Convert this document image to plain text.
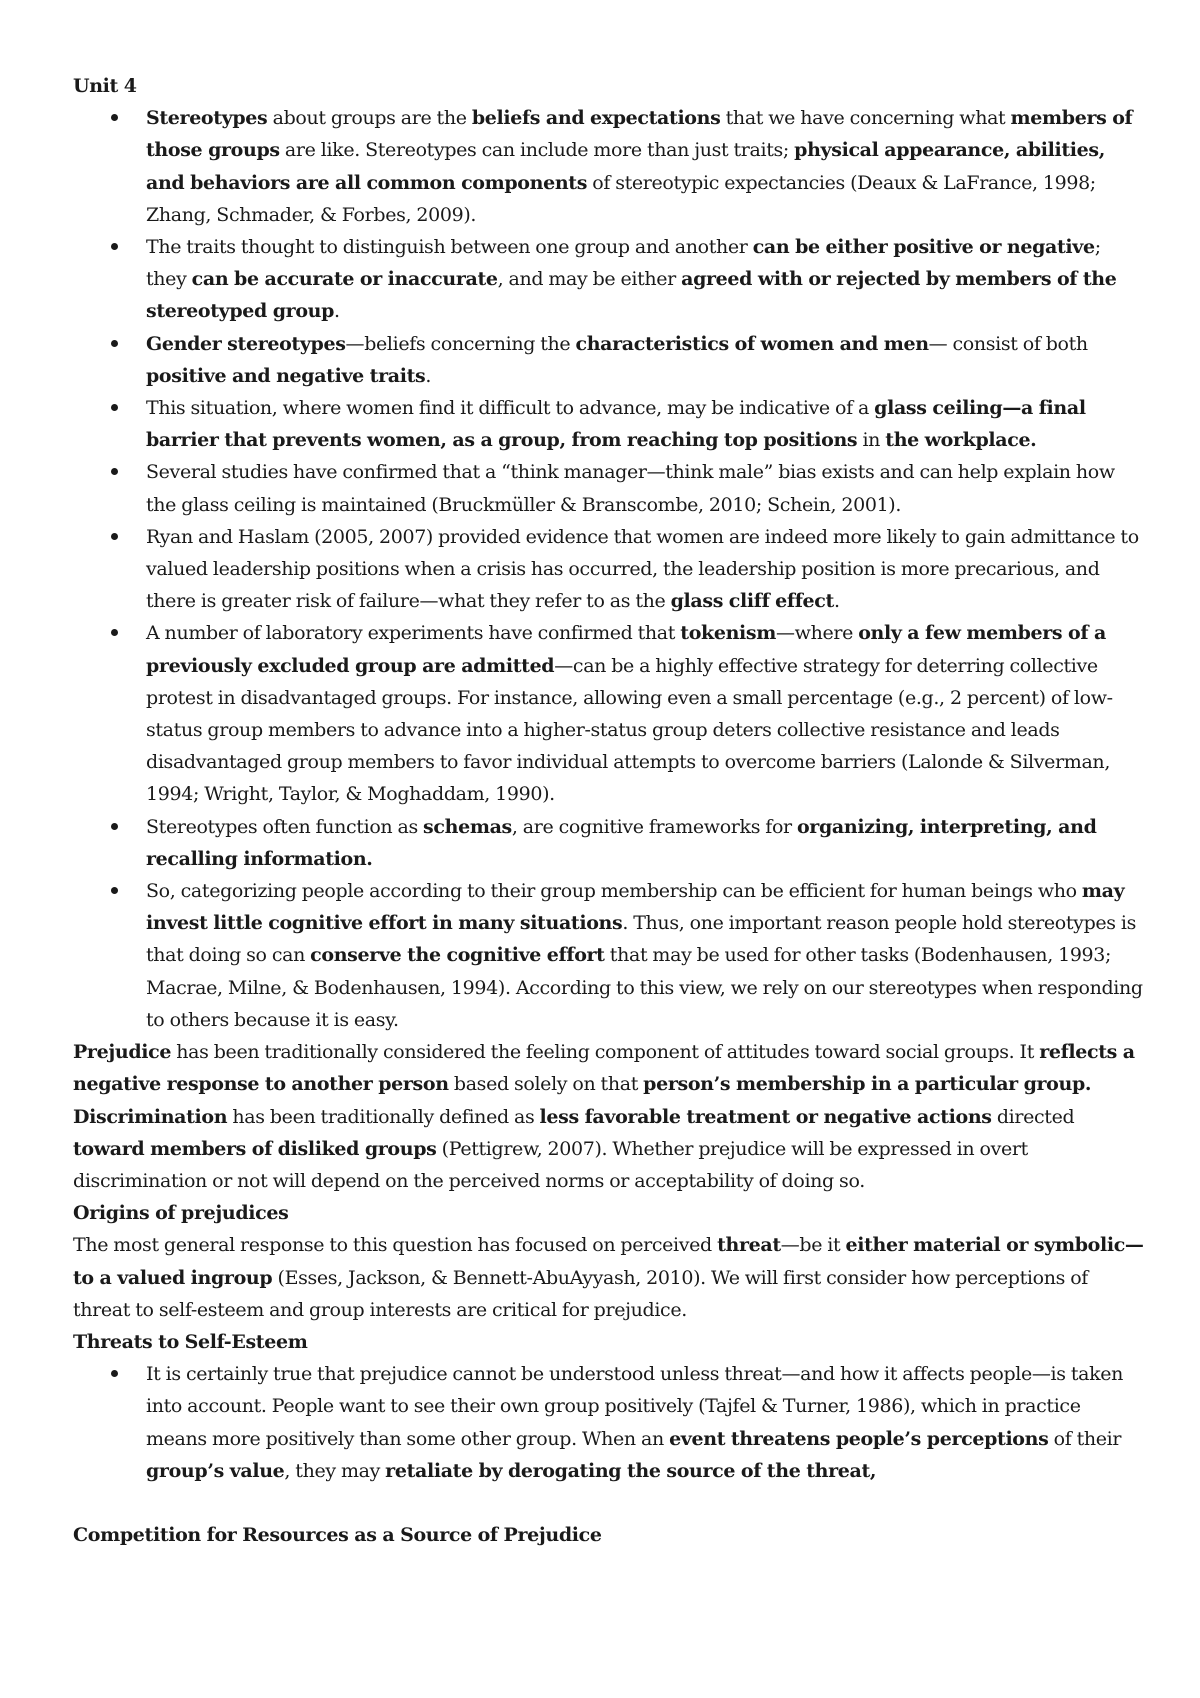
Unit 4
Stereotypes about groups are the beliefs and expectations that we have concerning what members of those groups are like. Stereotypes can include more than just traits; physical appearance, abilities, and behaviors are all common components of stereotypic expectancies (Deaux & LaFrance, 1998; Zhang, Schmader, & Forbes, 2009).
The traits thought to distinguish between one group and another can be either positive or negative; they can be accurate or inaccurate, and may be either agreed with or rejected by members of the stereotyped group.
Gender stereotypes—beliefs concerning the characteristics of women and men— consist of both positive and negative traits.
This situation, where women find it difficult to advance, may be indicative of a glass ceiling—a final barrier that prevents women, as a group, from reaching top positions in the workplace.
Several studies have confirmed that a “think manager—think male” bias exists and can help explain how the glass ceiling is maintained (Bruckmüller & Branscombe, 2010; Schein, 2001).
Ryan and Haslam (2005, 2007) provided evidence that women are indeed more likely to gain admittance to valued leadership positions when a crisis has occurred, the leadership position is more precarious, and there is greater risk of failure—what they refer to as the glass cliff effect.
A number of laboratory experiments have confirmed that tokenism—where only a few members of a previously excluded group are admitted—can be a highly effective strategy for deterring collective protest in disadvantaged groups. For instance, allowing even a small percentage (e.g., 2 percent) of low-status group members to advance into a higher-status group deters collective resistance and leads disadvantaged group members to favor individual attempts to overcome barriers (Lalonde & Silverman, 1994; Wright, Taylor, & Moghaddam, 1990).
Stereotypes often function as schemas, are cognitive frameworks for organizing, interpreting, and recalling information.
So, categorizing people according to their group membership can be efficient for human beings who may invest little cognitive effort in many situations. Thus, one important reason people hold stereotypes is that doing so can conserve the cognitive effort that may be used for other tasks (Bodenhausen, 1993; Macrae, Milne, & Bodenhausen, 1994). According to this view, we rely on our stereotypes when responding to others because it is easy.
Prejudice has been traditionally considered the feeling component of attitudes toward social groups. It reflects a negative response to another person based solely on that person’s membership in a particular group.
Discrimination has been traditionally defined as less favorable treatment or negative actions directed toward members of disliked groups (Pettigrew, 2007). Whether prejudice will be expressed in overt discrimination or not will depend on the perceived norms or acceptability of doing so.
Origins of prejudices
The most general response to this question has focused on perceived threat—be it either material or symbolic—to a valued ingroup (Esses, Jackson, & Bennett-AbuAyyash, 2010). We will first consider how perceptions of threat to self-esteem and group interests are critical for prejudice.
Threats to Self-Esteem
It is certainly true that prejudice cannot be understood unless threat—and how it affects people—is taken into account. People want to see their own group positively (Tajfel & Turner, 1986), which in practice means more positively than some other group. When an event threatens people’s perceptions of their group’s value, they may retaliate by derogating the source of the threat,
Competition for Resources as a Source of Prejudice
